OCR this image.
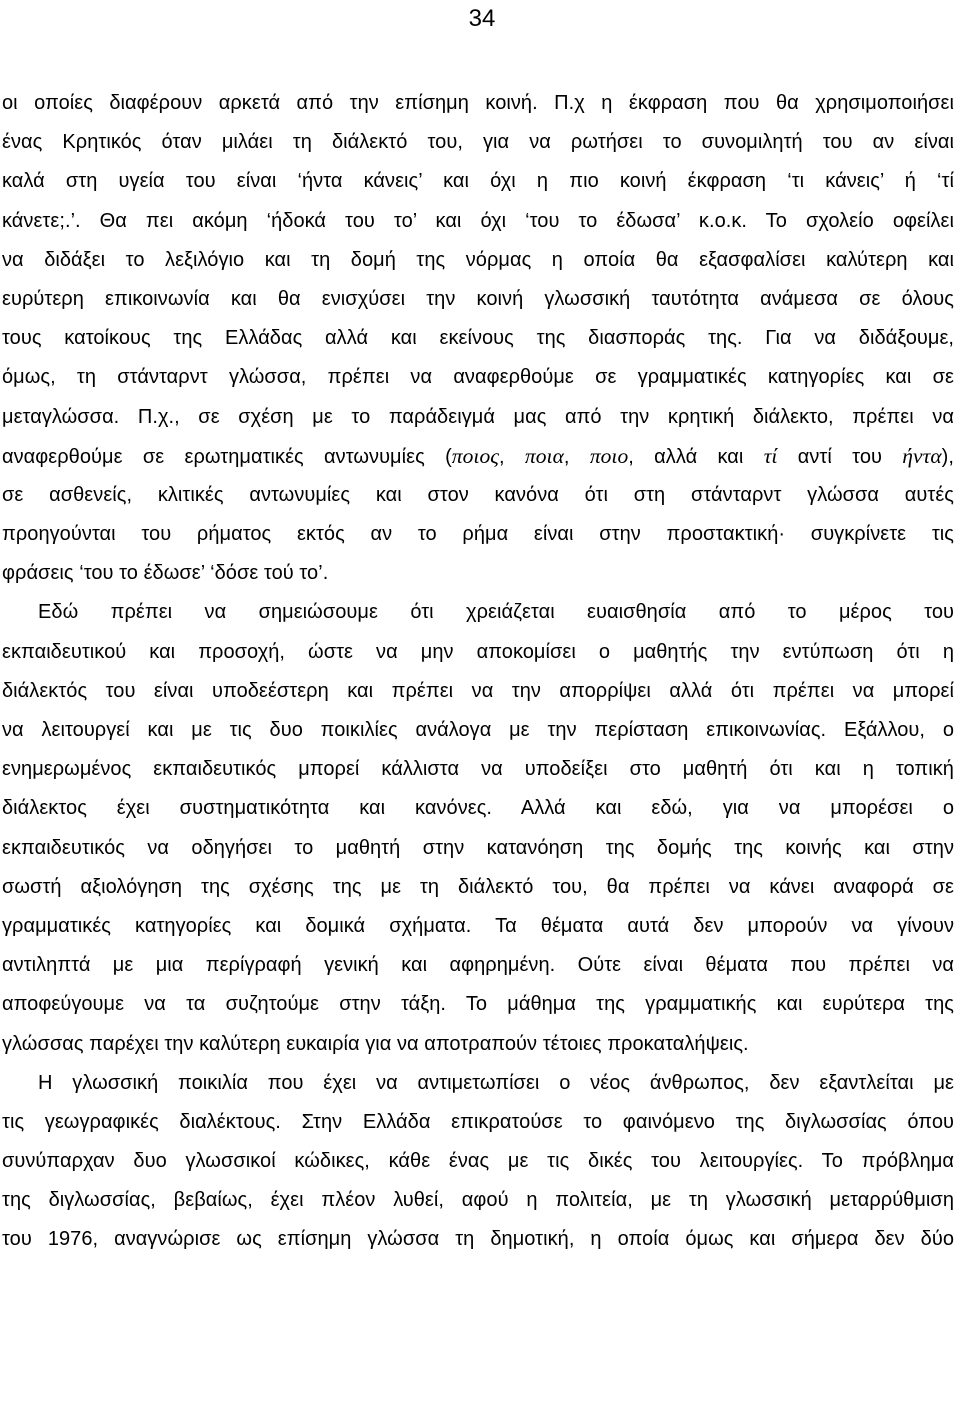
34
οι οποίες διαφέρουν αρκετά από την επίσημη κοινή. Π.χ η έκφραση που θα χρησιμοποιήσει
ένας Κρητικός όταν μιλάει τη διάλεκτό του, για να ρωτήσει το συνομιλητή του αν είναι
καλά στη υγεία του είναι ‘ήντα κάνεις’ και όχι η πιο κοινή έκφραση ‘τι κάνεις’ ή ‘τί
κάνετε;.’. Θα πει ακόμη ‘ήδοκά του το’ και όχι ‘του το έδωσα’ κ.ο.κ. Το σχολείο οφείλει
να διδάξει το λεξιλόγιο και τη δομή της νόρμας η οποία θα εξασφαλίσει καλύτερη και
ευρύτερη επικοινωνία και θα ενισχύσει την κοινή γλωσσική ταυτότητα ανάμεσα σε όλους
τους κατοίκους της Ελλάδας αλλά και εκείνους της διασποράς της. Για να διδάξουμε,
όμως, τη στάνταρντ γλώσσα, πρέπει να αναφερθούμε σε γραμματικές κατηγορίες και σε
μεταγλώσσα. Π.χ., σε σχέση με το παράδειγμά μας από την κρητική διάλεκτο, πρέπει να
αναφερθούμε σε ερωτηματικές αντωνυμίες (ποιος, ποια, ποιο, αλλά και τί αντί του ήντα),
σε ασθενείς, κλιτικές αντωνυμίες και στον κανόνα ότι στη στάνταρντ γλώσσα αυτές
προηγούνται του ρήματος εκτός αν το ρήμα είναι στην προστακτική· συγκρίνετε τις
φράσεις ‘του το έδωσε’ ‘δόσε τού το’.
Εδώ πρέπει να σημειώσουμε ότι χρειάζεται ευαισθησία από το μέρος του
εκπαιδευτικού και προσοχή, ώστε να μην αποκομίσει ο μαθητής την εντύπωση ότι η
διάλεκτός του είναι υποδεέστερη και πρέπει να την απορρίψει αλλά ότι πρέπει να μπορεί
να λειτουργεί και με τις δυο ποικιλίες ανάλογα με την περίσταση επικοινωνίας. Εξάλλου, ο
ενημερωμένος εκπαιδευτικός μπορεί κάλλιστα να υποδείξει στο μαθητή ότι και η τοπική
διάλεκτος έχει συστηματικότητα και κανόνες. Αλλά και εδώ, για να μπορέσει ο
εκπαιδευτικός να οδηγήσει το μαθητή στην κατανόηση της δομής της κοινής και στην
σωστή αξιολόγηση της σχέσης της με τη διάλεκτό του, θα πρέπει να κάνει αναφορά σε
γραμματικές κατηγορίες και δομικά σχήματα. Τα θέματα αυτά δεν μπορούν να γίνουν
αντιληπτά με μια περίγραφή γενική και αφηρημένη. Ούτε είναι θέματα που πρέπει να
αποφεύγουμε να τα συζητούμε στην τάξη. Το μάθημα της γραμματικής και ευρύτερα της
γλώσσας παρέχει την καλύτερη ευκαιρία για να αποτραπούν τέτοιες προκαταλήψεις.
Η γλωσσική ποικιλία που έχει να αντιμετωπίσει ο νέος άνθρωπος, δεν εξαντλείται με
τις γεωγραφικές διαλέκτους. Στην Ελλάδα επικρατούσε το φαινόμενο της διγλωσσίας όπου
συνύπαρχαν δυο γλωσσικοί κώδικες, κάθε ένας με τις δικές του λειτουργίες. Το πρόβλημα
της διγλωσσίας, βεβαίως, έχει πλέον λυθεί, αφού η πολιτεία, με τη γλωσσική μεταρρύθμιση
του 1976, αναγνώρισε ως επίσημη γλώσσα τη δημοτική, η οποία όμως και σήμερα δεν δύο
